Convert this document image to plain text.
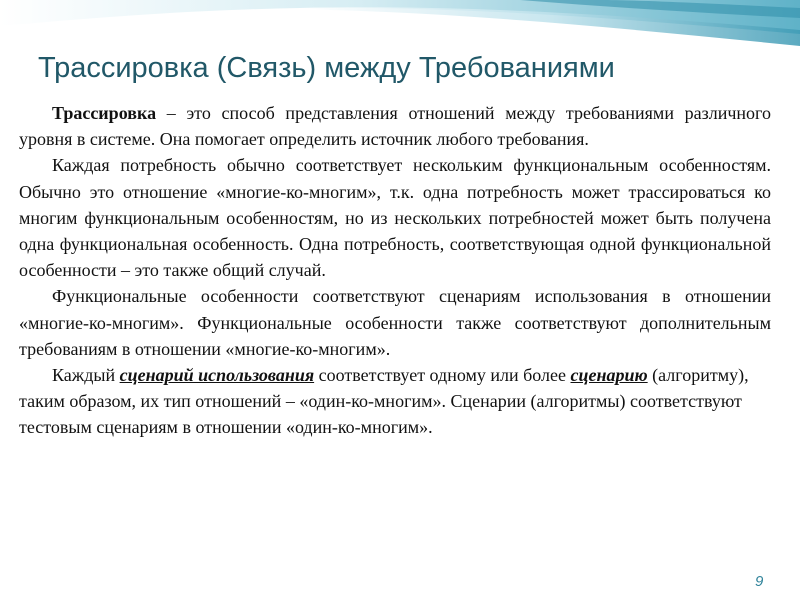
Трассировка (Связь) между Требованиями

Трассировка – это способ представления отношений между требованиями различного уровня в системе. Она помогает определить источник любого требования.

Каждая потребность обычно соответствует нескольким функциональным особенностям. Обычно это отношение «многие-ко-многим», т.к. одна потребность может трассироваться ко многим функциональным особенностям, но из нескольких потребностей может быть получена одна функциональная особенность. Одна потребность, соответствующая одной функциональной особенности – это также общий случай.

Функциональные особенности соответствуют сценариям использования в отношении «многие-ко-многим». Функциональные особенности также соответствуют дополнительным требованиям в отношении «многие-ко-многим».

Каждый сценарий использования соответствует одному или более сценарию (алгоритму), таким образом, их тип отношений – «один-ко-многим». Сценарии (алгоритмы) соответствуют тестовым сценариям в отношении «один-ко-многим».

9
